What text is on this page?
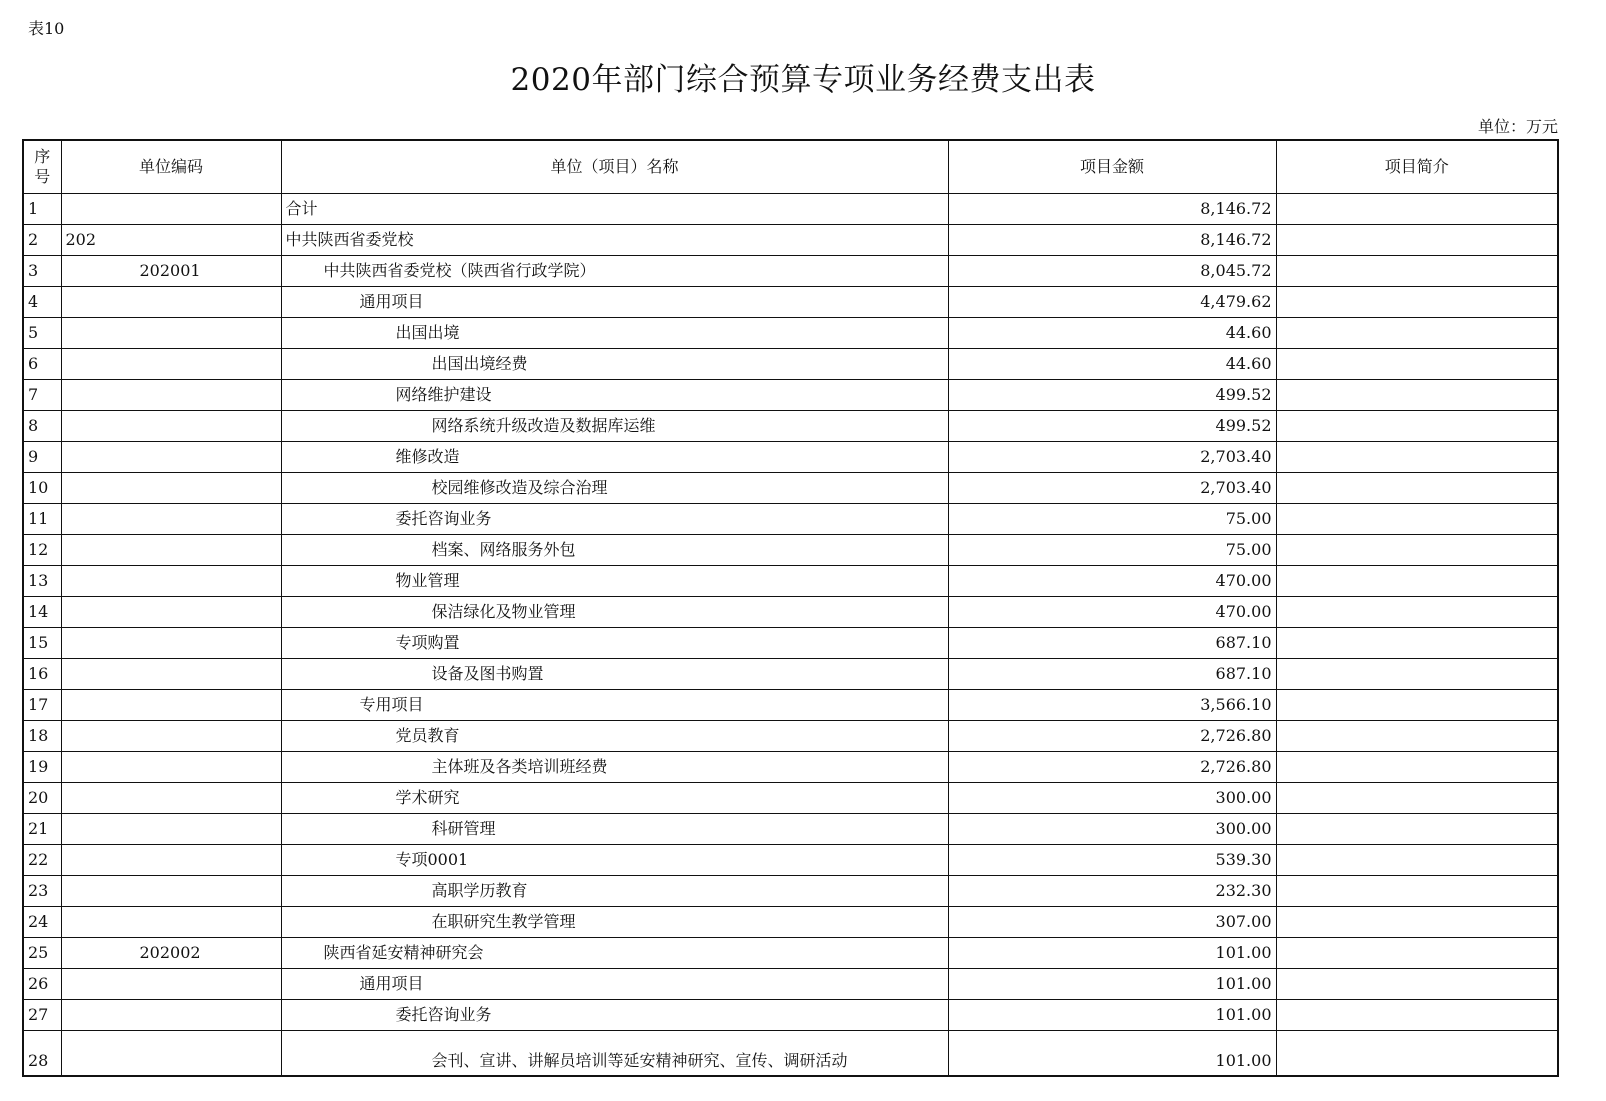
表10
2020年部门综合预算专项业务经费支出表
单位：万元
序
号	单位编码	单位（项目）名称	项目金额	项目简介
1		合计	8,146.72	
2	202	中共陕西省委党校	8,146.72	
3	202001	中共陕西省委党校（陕西省行政学院）	8,045.72	
4		通用项目	4,479.62	
5		出国出境	44.60	
6		出国出境经费	44.60	
7		网络维护建设	499.52	
8		网络系统升级改造及数据库运维	499.52	
9		维修改造	2,703.40	
10		校园维修改造及综合治理	2,703.40	
11		委托咨询业务	75.00	
12		档案、网络服务外包	75.00	
13		物业管理	470.00	
14		保洁绿化及物业管理	470.00	
15		专项购置	687.10	
16		设备及图书购置	687.10	
17		专用项目	3,566.10	
18		党员教育	2,726.80	
19		主体班及各类培训班经费	2,726.80	
20		学术研究	300.00	
21		科研管理	300.00	
22		专项0001	539.30	
23		高职学历教育	232.30	
24		在职研究生教学管理	307.00	
25	202002	陕西省延安精神研究会	101.00	
26		通用项目	101.00	
27		委托咨询业务	101.00	
28		会刊、宣讲、讲解员培训等延安精神研究、宣传、调研活动	101.00	
